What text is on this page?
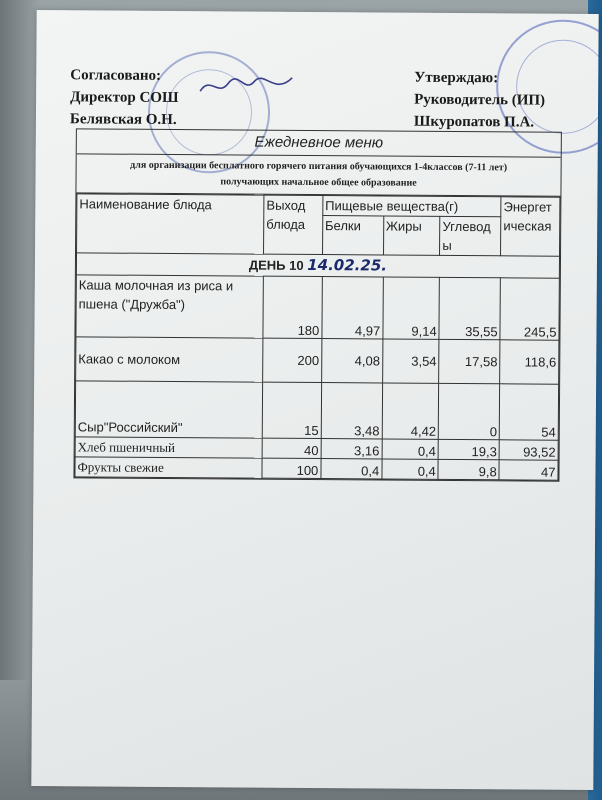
Согласовано:
Директор СОШ
Белявская О.Н.
Утверждаю:
Руководитель (ИП)
Шкуропатов П.А.
Ежедневное меню
для организации бесплатного горячего питания обучающихся 1-4классов (7-11 лет)
получающих начальное общее образование
Наименование блюда	Выход блюда	Пищевые вещества(г)			Энергетическая
		Белки	Жиры	Углеводы	
ДЕНЬ 10 14.02.25.					
Каша молочная из риса и пшена ("Дружба")	180	4,97	9,14	35,55	245,5
Какао с молоком	200	4,08	3,54	17,58	118,6
Сыр"Российский"	15	3,48	4,42	0	54
Хлеб пшеничный	40	3,16	0,4	19,3	93,52
Фрукты свежие	100	0,4	0,4	9,8	47
